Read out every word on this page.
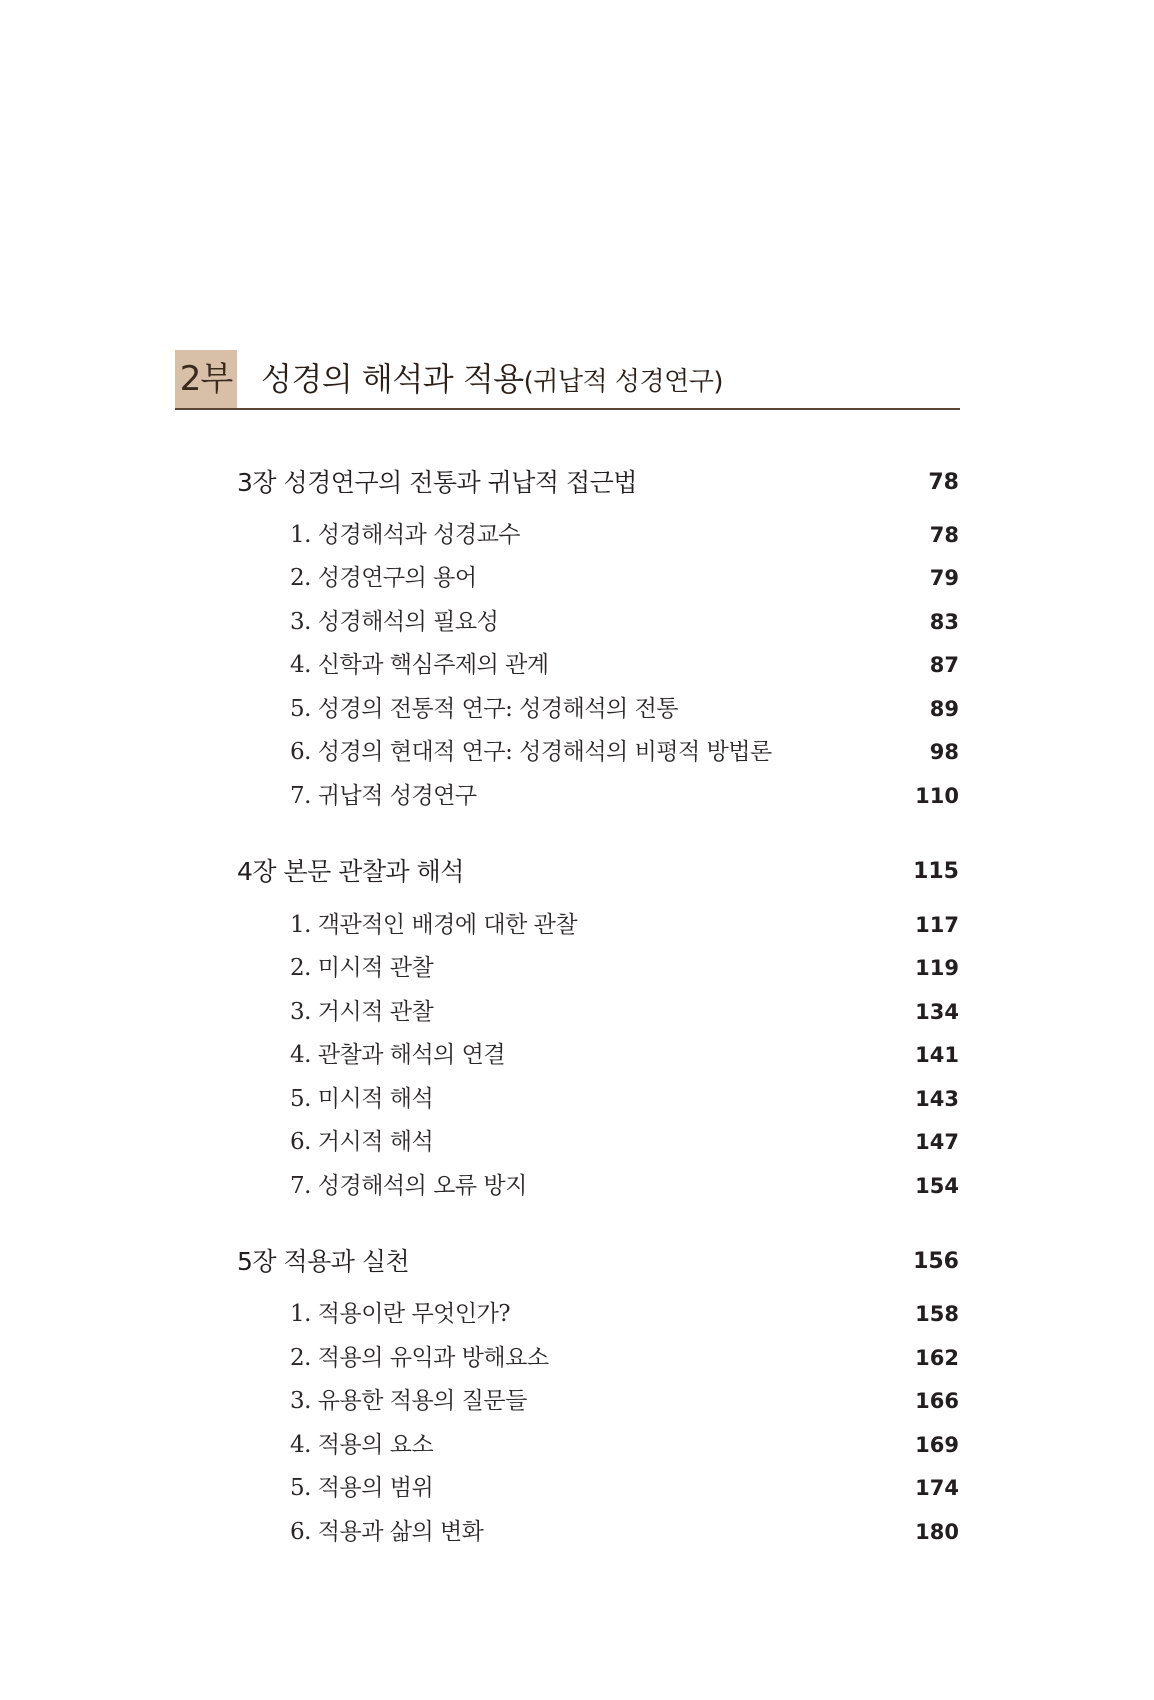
2부 성경의 해석과 적용(귀납적 성경연구)
3장 성경연구의 전통과 귀납적 접근법	78
1. 성경해석과 성경교수	78
2. 성경연구의 용어	79
3. 성경해석의 필요성	83
4. 신학과 핵심주제의 관계	87
5. 성경의 전통적 연구: 성경해석의 전통	89
6. 성경의 현대적 연구: 성경해석의 비평적 방법론	98
7. 귀납적 성경연구	110
4장 본문 관찰과 해석	115
1. 객관적인 배경에 대한 관찰	117
2. 미시적 관찰	119
3. 거시적 관찰	134
4. 관찰과 해석의 연결	141
5. 미시적 해석	143
6. 거시적 해석	147
7. 성경해석의 오류 방지	154
5장 적용과 실천	156
1. 적용이란 무엇인가?	158
2. 적용의 유익과 방해요소	162
3. 유용한 적용의 질문들	166
4. 적용의 요소	169
5. 적용의 범위	174
6. 적용과 삶의 변화	180
